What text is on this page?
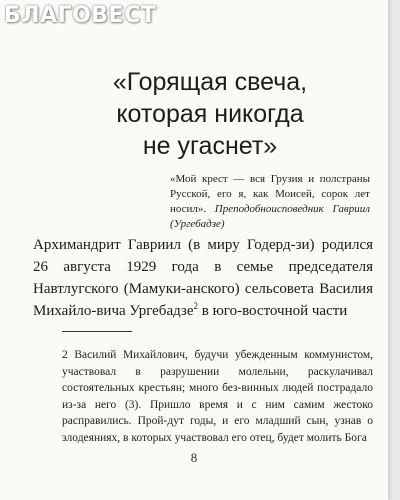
БЛАГОВЕСТ
«Горящая свеча,
которая никогда
не угаснет»
«Мой крест — вся Грузия и полстраны Русской, его я, как Моисей, сорок лет носил». Преподобноисповедник Гавриил (Ургебадзе)
Архимандрит Гавриил (в миру Годерд-зи) родился 26 августа 1929 года в семье председателя Навтлугского (Мамуки-анского) сельсовета Василия Михайло-вича Ургебадзе$^2$ в юго-восточной части
2 Василий Михайлович, будучи убежденным коммунистом, участвовал в разрушении молельни, раскулачивал состоятельных крестьян; много без-винных людей пострадало из-за него (3). Пришло время и с ним самим жестоко расправились. Прой-дут годы, и его младший сын, узнав о злодеяниях, в которых участвовал его отец, будет молить Бога
8
